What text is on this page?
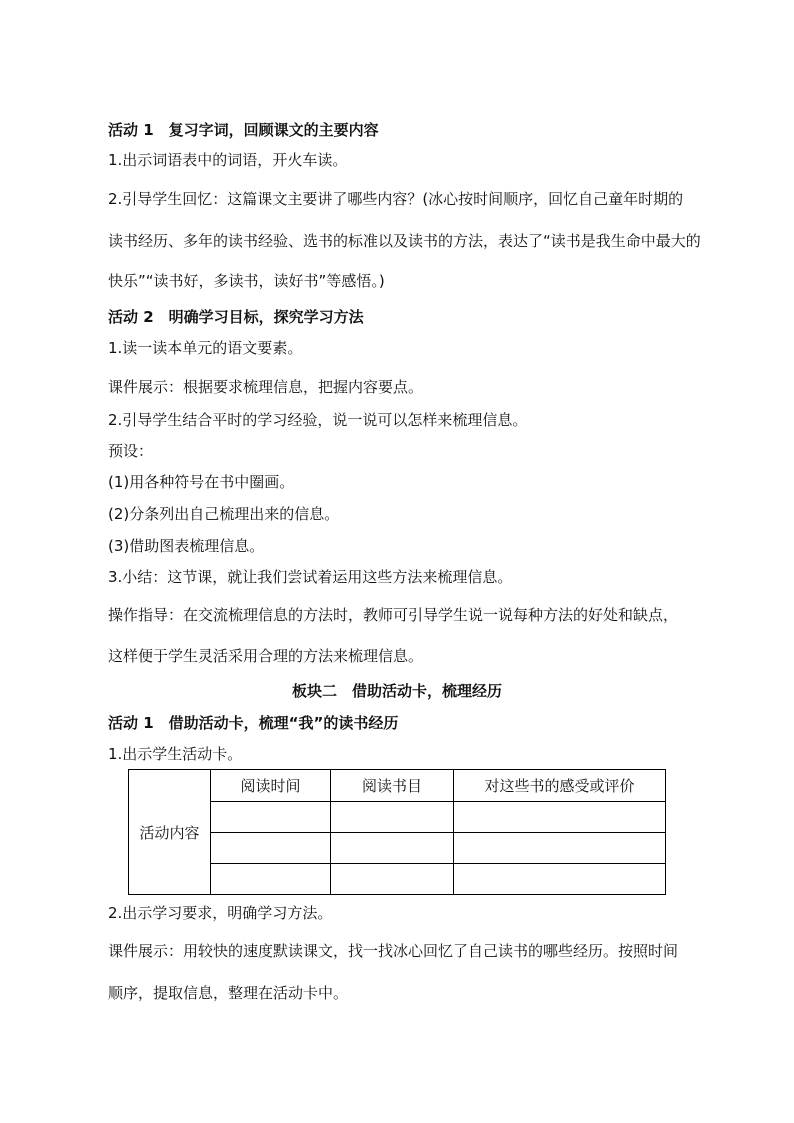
活动 1　复习字词，回顾课文的主要内容
1.出示词语表中的词语，开火车读。
2.引导学生回忆：这篇课文主要讲了哪些内容？(冰心按时间顺序，回忆自己童年时期的
读书经历、多年的读书经验、选书的标准以及读书的方法，表达了“读书是我生命中最大的
快乐”“读书好，多读书，读好书”等感悟。)
活动 2　明确学习目标，探究学习方法
1.读一读本单元的语文要素。
课件展示：根据要求梳理信息，把握内容要点。
2.引导学生结合平时的学习经验，说一说可以怎样来梳理信息。
预设：
(1)用各种符号在书中圈画。
(2)分条列出自己梳理出来的信息。
(3)借助图表梳理信息。
3.小结：这节课，就让我们尝试着运用这些方法来梳理信息。
操作指导：在交流梳理信息的方法时，教师可引导学生说一说每种方法的好处和缺点，
这样便于学生灵活采用合理的方法来梳理信息。
板块二　借助活动卡，梳理经历
活动 1　借助活动卡，梳理“我”的读书经历
1.出示学生活动卡。
活动内容	阅读时间	阅读书目	对这些书的感受或评价

2.出示学习要求，明确学习方法。
课件展示：用较快的速度默读课文，找一找冰心回忆了自己读书的哪些经历。按照时间
顺序，提取信息，整理在活动卡中。
